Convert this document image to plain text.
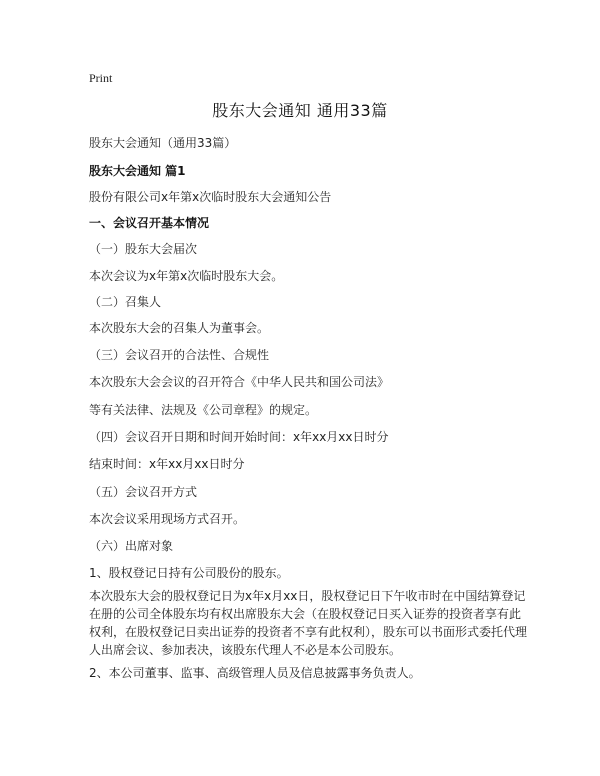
Print
股东大会通知 通用33篇
股东大会通知（通用33篇）
股东大会通知 篇1
股份有限公司x年第x次临时股东大会通知公告
一、会议召开基本情况
（一）股东大会届次
本次会议为x年第x次临时股东大会。
（二）召集人
本次股东大会的召集人为董事会。
（三）会议召开的合法性、合规性
本次股东大会会议的召开符合《中华人民共和国公司法》
等有关法律、法规及《公司章程》的规定。
（四）会议召开日期和时间开始时间：x年xx月xx日时分
结束时间：x年xx月xx日时分
（五）会议召开方式
本次会议采用现场方式召开。
（六）出席对象
1、股权登记日持有公司股份的股东。
本次股东大会的股权登记日为x年x月xx日，股权登记日下午收市时在中国结算登记
在册的公司全体股东均有权出席股东大会（在股权登记日买入证券的投资者享有此
权利，在股权登记日卖出证券的投资者不享有此权利），股东可以书面形式委托代理
人出席会议、参加表决，该股东代理人不必是本公司股东。
2、本公司董事、监事、高级管理人员及信息披露事务负责人。
